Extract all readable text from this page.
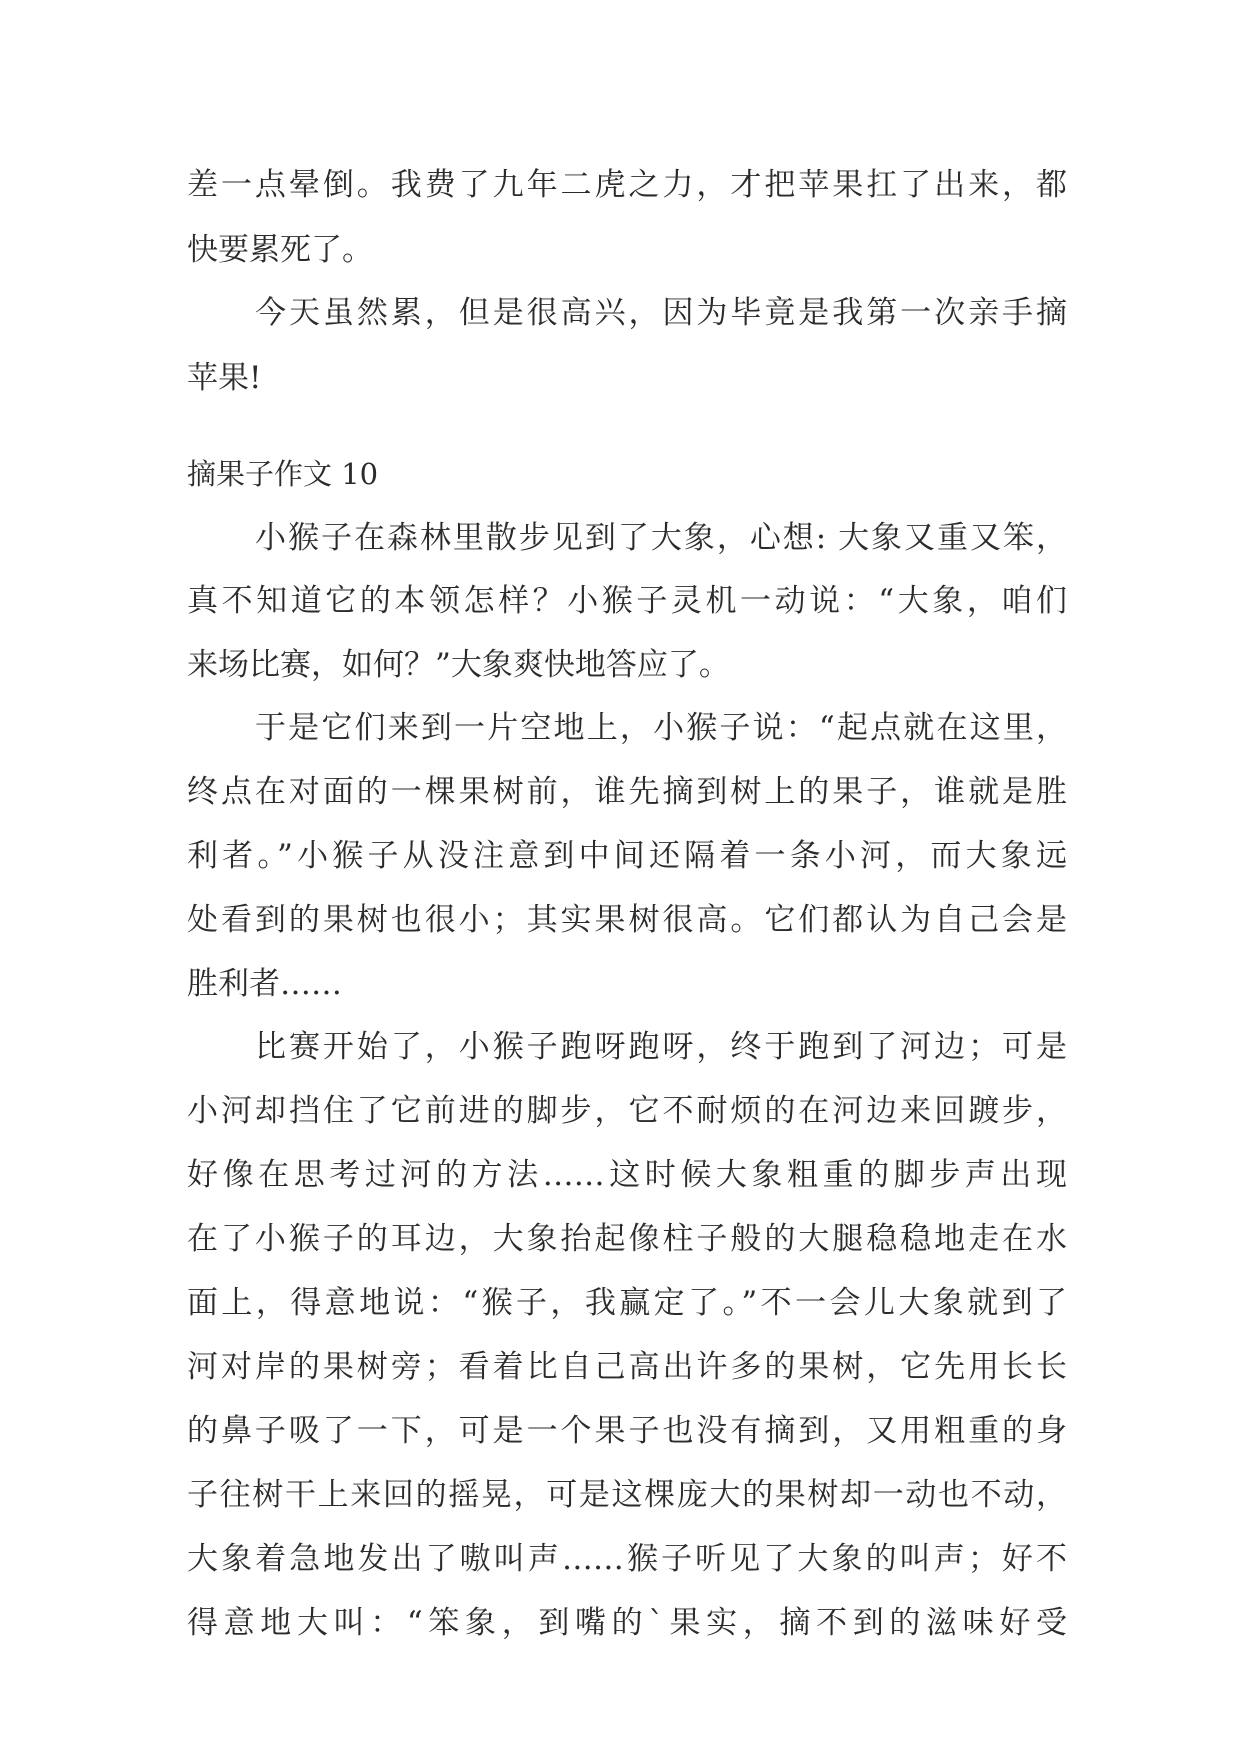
差一点晕倒。我费了九年二虎之力，才把苹果扛了出来，都
快要累死了。
今天虽然累，但是很高兴，因为毕竟是我第一次亲手摘
苹果!
摘果子作文 10
小猴子在森林里散步见到了大象，心想: 大象又重又笨，
真不知道它的本领怎样？小猴子灵机一动说：“大象，咱们
来场比赛，如何？”大象爽快地答应了。
于是它们来到一片空地上，小猴子说：“起点就在这里，
终点在对面的一棵果树前，谁先摘到树上的果子，谁就是胜
利者。”小猴子从没注意到中间还隔着一条小河，而大象远
处看到的果树也很小；其实果树很高。它们都认为自己会是
胜利者……
比赛开始了，小猴子跑呀跑呀，终于跑到了河边；可是
小河却挡住了它前进的脚步，它不耐烦的在河边来回踱步，
好像在思考过河的方法……这时候大象粗重的脚步声出现
在了小猴子的耳边，大象抬起像柱子般的大腿稳稳地走在水
面上，得意地说：“猴子，我赢定了。”不一会儿大象就到了
河对岸的果树旁；看着比自己高出许多的果树，它先用长长
的鼻子吸了一下，可是一个果子也没有摘到，又用粗重的身
子往树干上来回的摇晃，可是这棵庞大的果树却一动也不动，
大象着急地发出了嗷叫声……猴子听见了大象的叫声；好不
得意地大叫：“笨象，到嘴的`果实，摘不到的滋味好受
